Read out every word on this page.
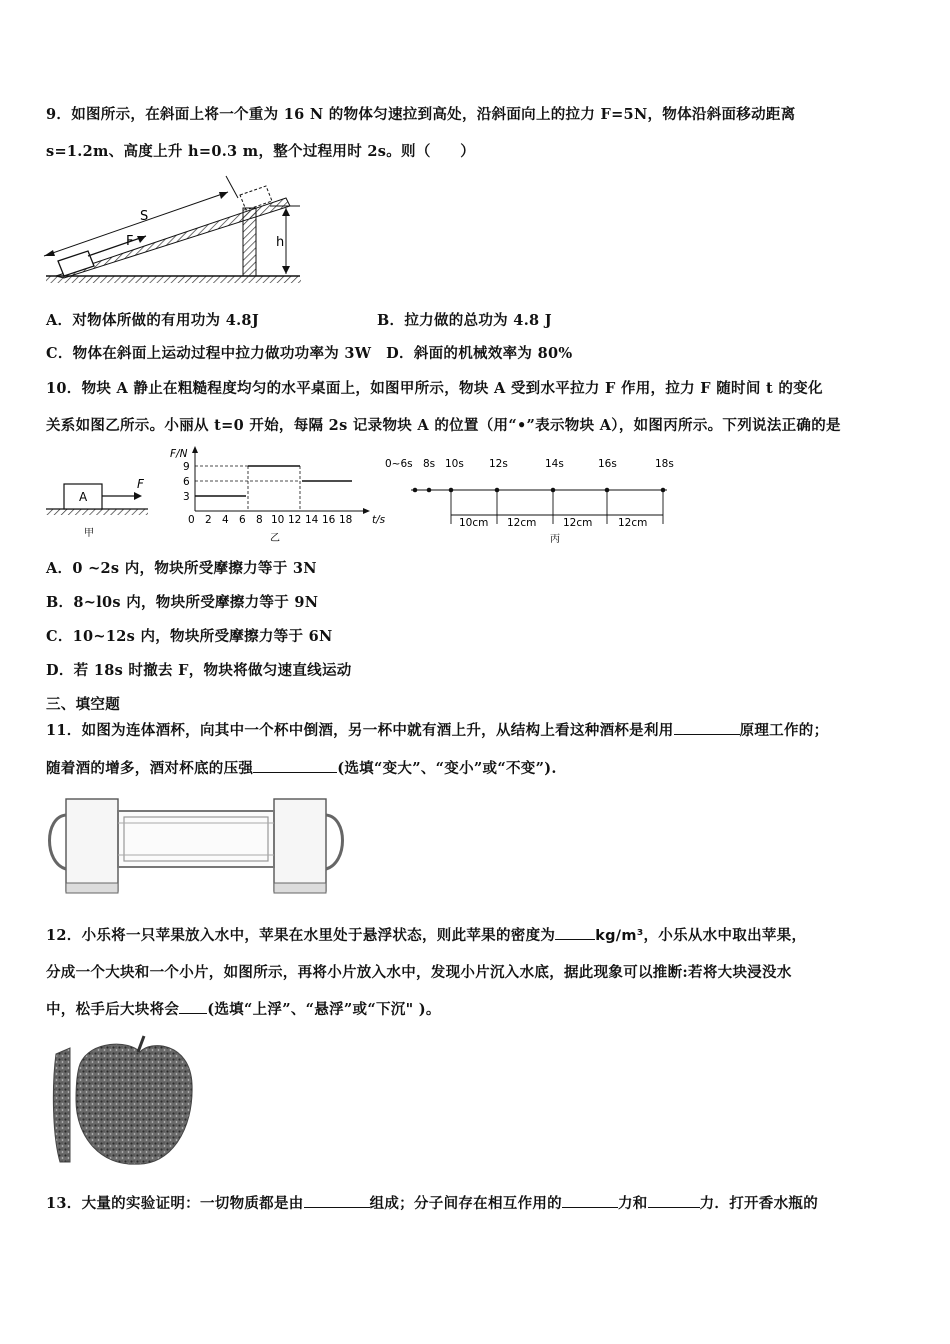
9．如图所示，在斜面上将一个重为 16 N 的物体匀速拉到高处，沿斜面向上的拉力 F=5N，物体沿斜面移动距离
s=1.2m、高度上升 h=0.3 m，整个过程用时 2s。则（　　）
F
S
h
A．对物体所做的有用功为 4.8J	B．拉力做的总功为 4.8 J
C．物体在斜面上运动过程中拉力做功功率为 3W　D．斜面的机械效率为 80%
10．物块 A 静止在粗糙程度均匀的水平桌面上，如图甲所示，物块 A 受到水平拉力 F 作用，拉力 F 随时间 t 的变化
关系如图乙所示。小丽从 t=0 开始，每隔 2s 记录物块 A 的位置（用“•”表示物块 A），如图丙所示。下列说法正确的是
A
F
甲
F/N
t/s
9
6
3
0 2 4 6 8 10 12 14 16 18
乙
0~6s 8s 10s 12s	14s	16s	18s
10cm 12cm	12cm 12cm
丙
A．0 ~2s 内，物块所受摩擦力等于 3N
B．8~l0s 内，物块所受摩擦力等于 9N
C．10~12s 内，物块所受摩擦力等于 6N
D．若 18s 时撤去 F，物块将做匀速直线运动
三、填空题
11．如图为连体酒杯，向其中一个杯中倒酒，另一杯中就有酒上升，从结构上看这种酒杯是利用	原理工作的；
随着酒的增多，酒对杯底的压强	(选填“变大”、“变小”或“不变”).
12．小乐将一只苹果放入水中，苹果在水里处于悬浮状态，则此苹果的密度为	kg/m³，小乐从水中取出苹果，
分成一个大块和一个小片，如图所示，再将小片放入水中，发现小片沉入水底，据此现象可以推断:若将大块浸没水
中，松手后大块将会 (选填“上浮”、“悬浮”或“下沉" )。
13．大量的实验证明：一切物质都是由	组成；分子间存在相互作用的	力和	力．打开香水瓶的
